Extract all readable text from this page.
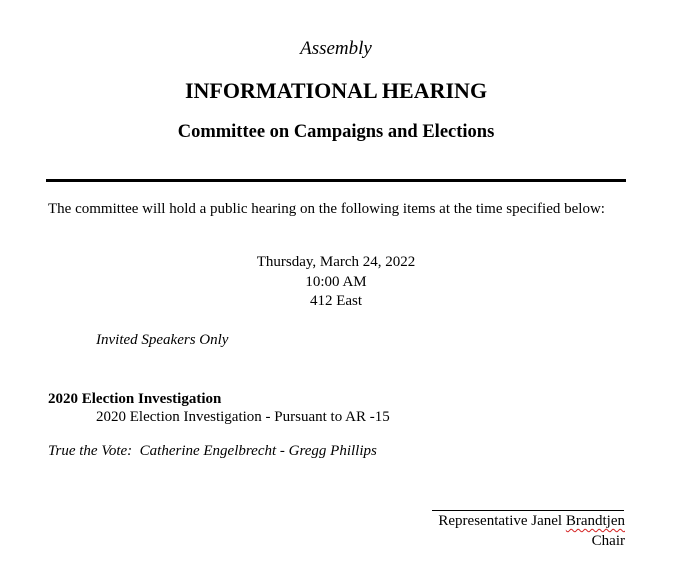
Assembly
INFORMATIONAL HEARING
Committee on Campaigns and Elections
The committee will hold a public hearing on the following items at the time specified below:
Thursday, March 24, 2022
10:00 AM
412 East
Invited Speakers Only
2020 Election Investigation
2020 Election Investigation - Pursuant to AR -15
True the Vote:  Catherine Engelbrecht - Gregg Phillips
Representative Janel Brandtjen
Chair
